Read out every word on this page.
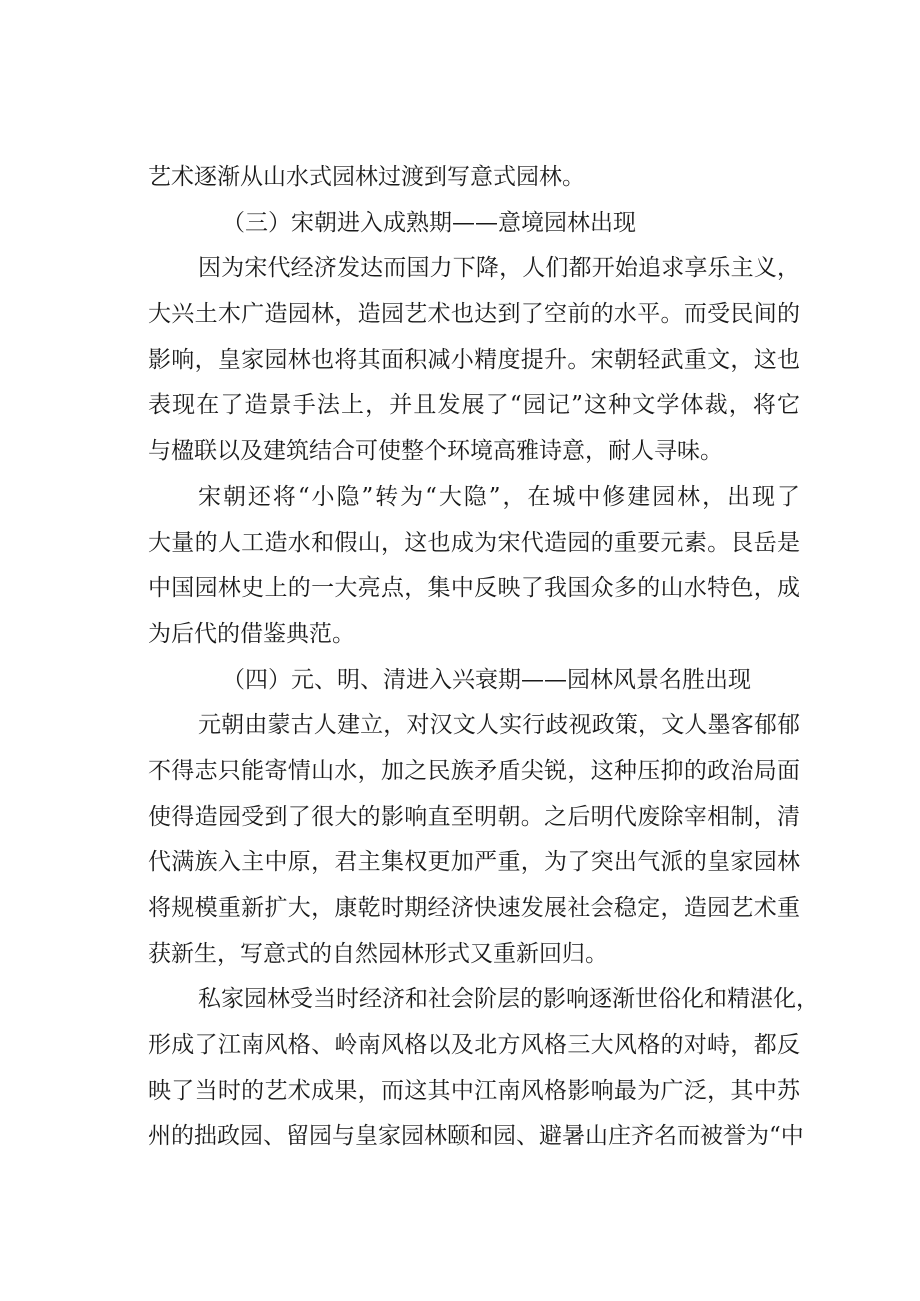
艺术逐渐从山水式园林过渡到写意式园林。
（三）宋朝进入成熟期——意境园林出现
因为宋代经济发达而国力下降，人们都开始追求享乐主义，
大兴土木广造园林，造园艺术也达到了空前的水平。而受民间的
影响，皇家园林也将其面积减小精度提升。宋朝轻武重文，这也
表现在了造景手法上，并且发展了“园记”这种文学体裁，将它
与楹联以及建筑结合可使整个环境高雅诗意，耐人寻味。
宋朝还将“小隐”转为“大隐”，在城中修建园林，出现了
大量的人工造水和假山，这也成为宋代造园的重要元素。艮岳是
中国园林史上的一大亮点，集中反映了我国众多的山水特色，成
为后代的借鉴典范。
（四）元、明、清进入兴衰期——园林风景名胜出现
元朝由蒙古人建立，对汉文人实行歧视政策，文人墨客郁郁
不得志只能寄情山水，加之民族矛盾尖锐，这种压抑的政治局面
使得造园受到了很大的影响直至明朝。之后明代废除宰相制，清
代满族入主中原，君主集权更加严重，为了突出气派的皇家园林
将规模重新扩大，康乾时期经济快速发展社会稳定，造园艺术重
获新生，写意式的自然园林形式又重新回归。
私家园林受当时经济和社会阶层的影响逐渐世俗化和精湛化，
形成了江南风格、岭南风格以及北方风格三大风格的对峙，都反
映了当时的艺术成果，而这其中江南风格影响最为广泛，其中苏
州的拙政园、留园与皇家园林颐和园、避暑山庄齐名而被誉为“中
